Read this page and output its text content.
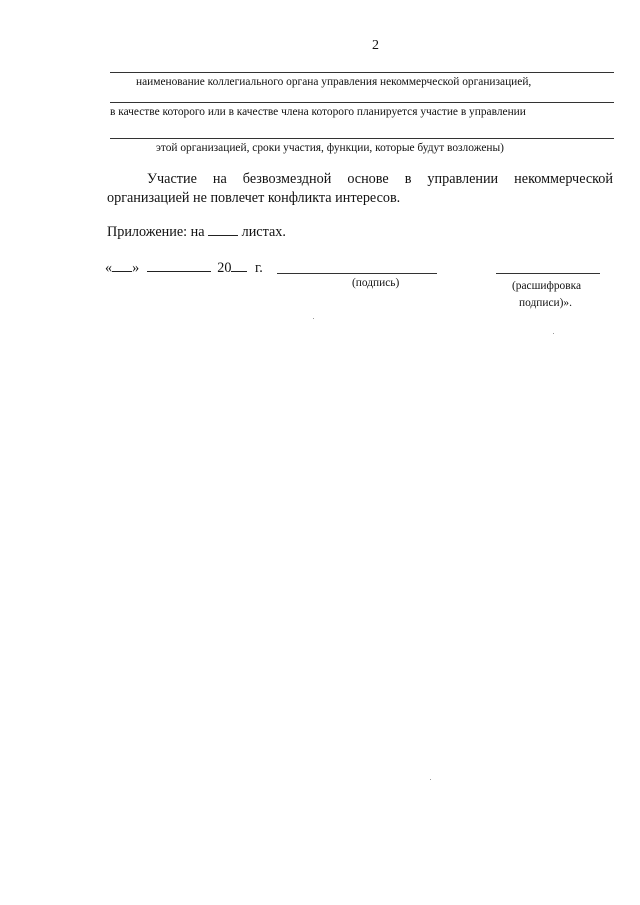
2
наименование коллегиального органа управления некоммерческой организацией,
в качестве которого или в качестве члена которого планируется участие в управлении
этой организацией, сроки участия, функции, которые будут возложены)

Участие на безвозмездной основе в управлении некоммерческой организацией не повлечет конфликта интересов.

Приложение: на	листах.
« »	20 г.
(подпись)	(расшифровка
подписи)».
